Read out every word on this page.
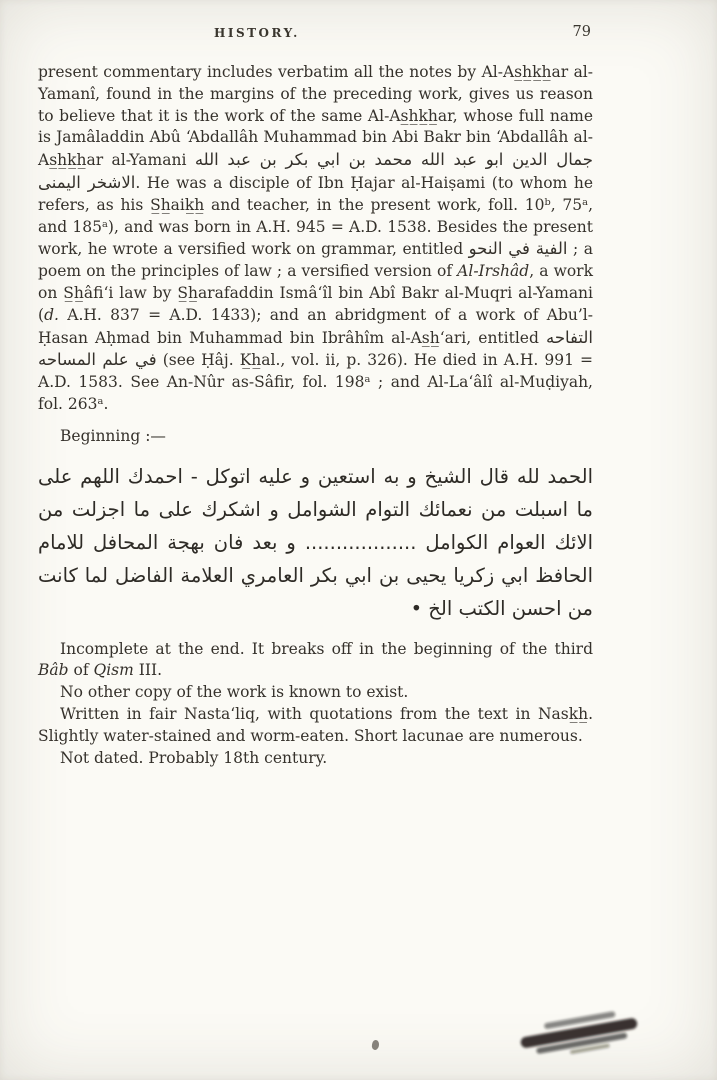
HISTORY.	79

present commentary includes verbatim all the notes by Al-As̲h̲k̲h̲ar al-Yamanî, found in the margins of the preceding work, gives us reason to believe that it is the work of the same Al-As̲h̲k̲h̲ar, whose full name is Jamâladdin Abû ‘Abdallâh Muhammad bin Abi Bakr bin ‘Abdallâh al-As̲h̲k̲h̲ar al-Yamani جمال الدين ابو عبد الله محمد بن ابي بكر بن عبد الله الاشخر اليمنى. He was a disciple of Ibn Ḥajar al-Haiṣami (to whom he refers, as his S̲h̲aik̲h̲ and teacher, in the present work, foll. 10ᵇ, 75ᵃ, and 185ᵃ), and was born in A.H. 945 = A.D. 1538. Besides the present work, he wrote a versified work on grammar, entitled الفية في النحو ; a poem on the principles of law ; a versified version of Al-Irshâd, a work on S̲h̲âfi‘i law by S̲h̲arafaddin Ismâ‘îl bin Abî Bakr al-Muqri al-Yamani (d. A.H. 837 = A.D. 1433); and an abridgment of a work of Abu’l-Ḥasan Aḥmad bin Muhammad bin Ibrâhîm al-As̲h̲‘ari, entitled التفاحه في علم المساحه (see Ḥâj. K̲h̲al., vol. ii, p. 326). He died in A.H. 991 = A.D. 1583. See An-Nûr as-Sâfir, fol. 198ᵃ ; and Al-La‘âlî al-Muḍiyah, fol. 263ᵃ.

Beginning :—

الحمد لله قال الشيخ و به استعين و عليه اتوكل - احمدك اللهم على
ما اسبلت من نعمائك التوام الشوامل و اشكرك على ما اجزلت من
الائك العوام الكوامل .................. و بعد فان بهجة المحافل للامام
الحافظ ابي زكريا يحيى بن ابي بكر العامري العلامة الفاضل لما كانت
من احسن الكتب الخ •

Incomplete at the end. It breaks off in the beginning of the third Bâb of Qism III.

No other copy of the work is known to exist.

Written in fair Nasta‘liq, with quotations from the text in Nask̲h̲. Slightly water-stained and worm-eaten. Short lacunae are numerous.

Not dated. Probably 18th century.
